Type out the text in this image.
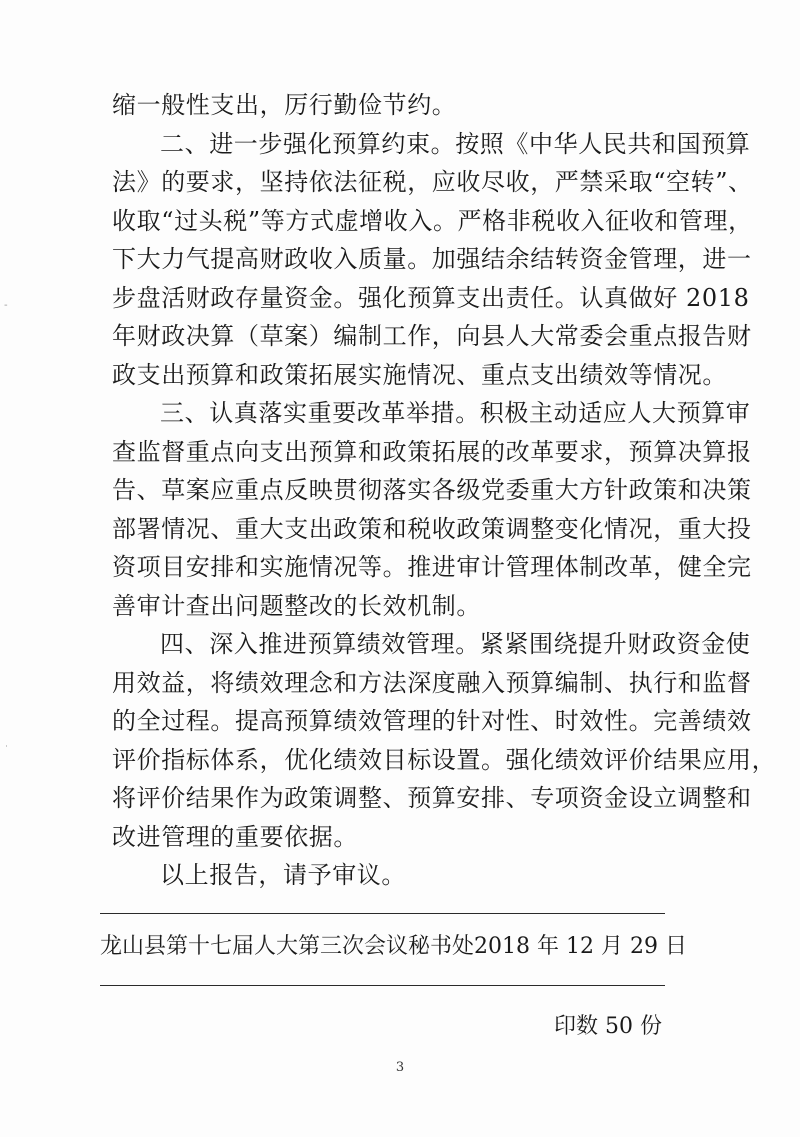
缩一般性支出，厉行勤俭节约。
二、进一步强化预算约束。按照《中华人民共和国预算
法》的要求，坚持依法征税，应收尽收，严禁采取“空转”、
收取“过头税”等方式虚增收入。严格非税收入征收和管理，
下大力气提高财政收入质量。加强结余结转资金管理，进一
步盘活财政存量资金。强化预算支出责任。认真做好 2018
年财政决算（草案）编制工作，向县人大常委会重点报告财
政支出预算和政策拓展实施情况、重点支出绩效等情况。
三、认真落实重要改革举措。积极主动适应人大预算审
查监督重点向支出预算和政策拓展的改革要求，预算决算报
告、草案应重点反映贯彻落实各级党委重大方针政策和决策
部署情况、重大支出政策和税收政策调整变化情况，重大投
资项目安排和实施情况等。推进审计管理体制改革，健全完
善审计查出问题整改的长效机制。
四、深入推进预算绩效管理。紧紧围绕提升财政资金使
用效益，将绩效理念和方法深度融入预算编制、执行和监督
的全过程。提高预算绩效管理的针对性、时效性。完善绩效
评价指标体系，优化绩效目标设置。强化绩效评价结果应用，
将评价结果作为政策调整、预算安排、专项资金设立调整和
改进管理的重要依据。
以上报告，请予审议。
龙山县第十七届人大第三次会议秘书处 2018 年 12 月 29 日
印数 50 份
3
-
˙
